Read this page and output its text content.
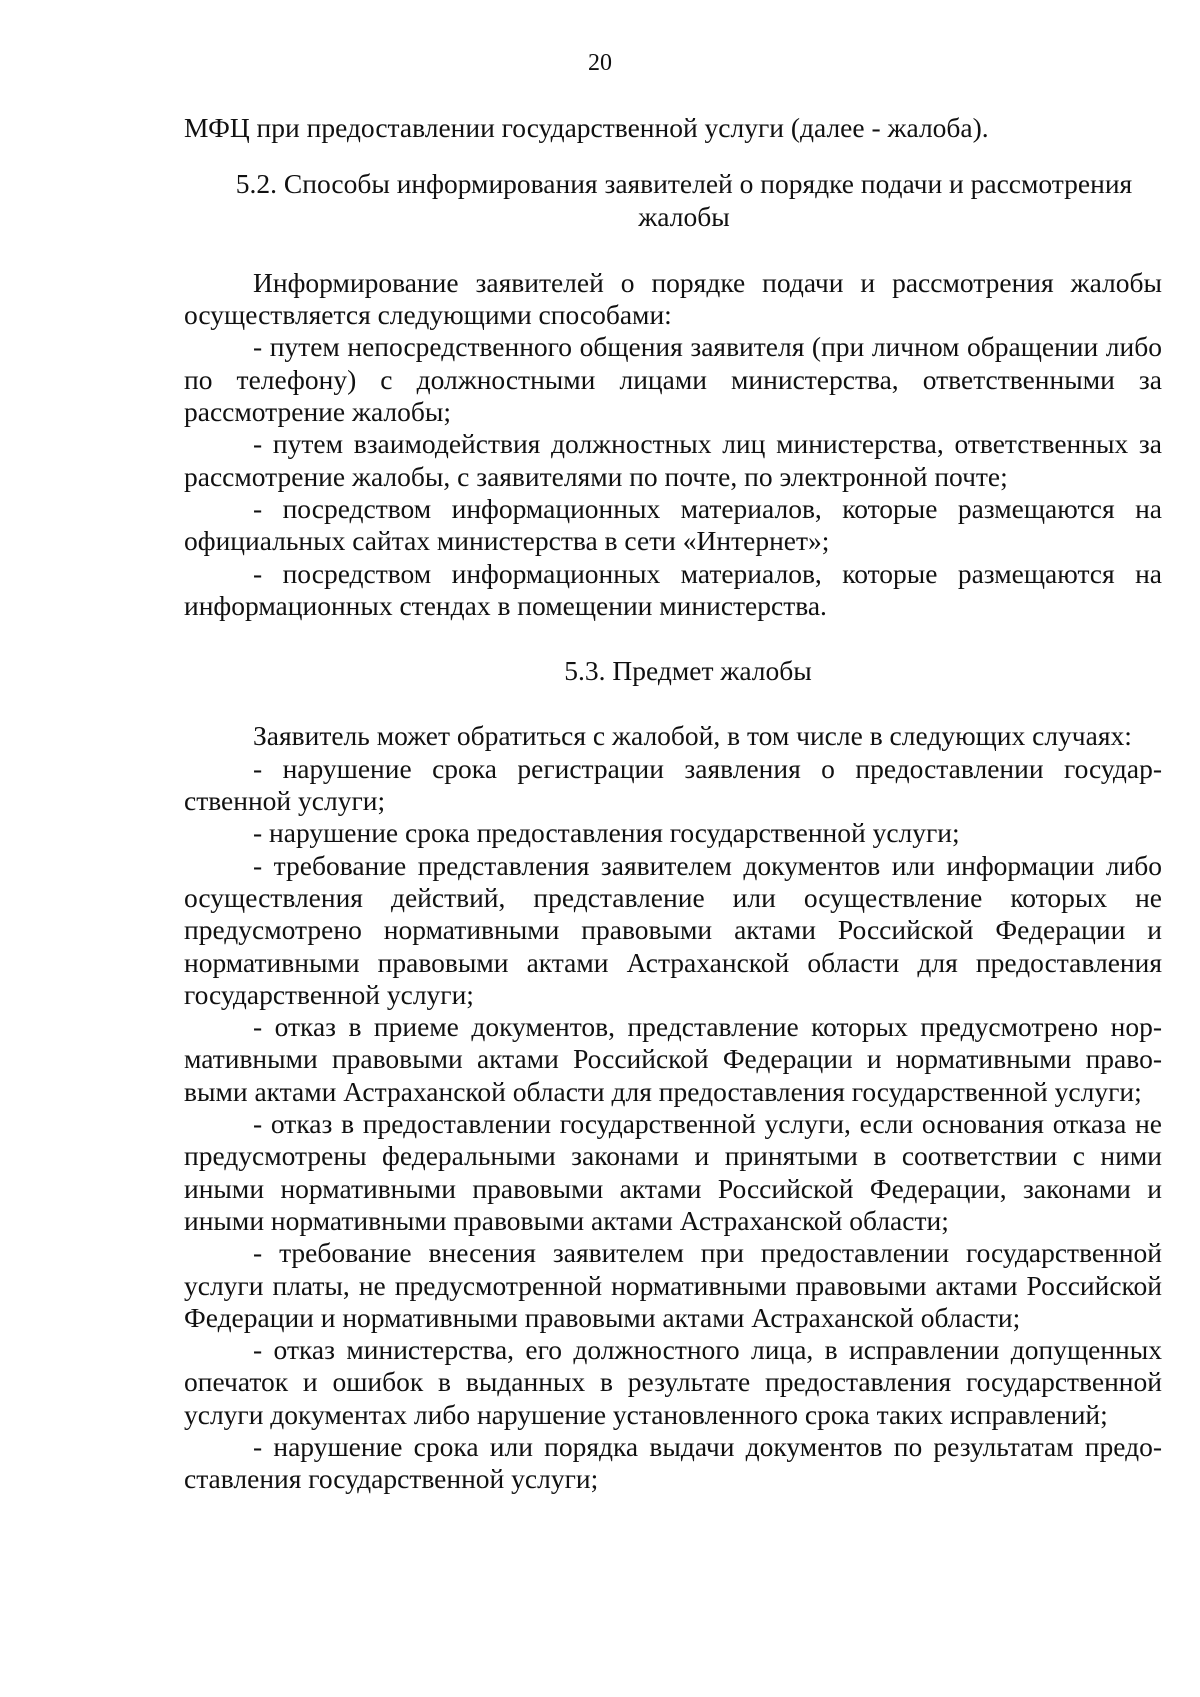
20

МФЦ при предоставлении государственной услуги (далее - жалоба).

5.2. Способы информирования заявителей о порядке подачи и рассмотрения жалобы

Информирование заявителей о порядке подачи и рассмотрения жалобы осуществляется следующими способами:

- путем непосредственного общения заявителя (при личном обращении либо по телефону) с должностными лицами министерства, ответственными за рассмотрение жалобы;

- путем взаимодействия должностных лиц министерства, ответственных за рассмотрение жалобы, с заявителями по почте, по электронной почте;

- посредством информационных материалов, которые размещаются на официальных сайтах министерства в сети «Интернет»;

- посредством информационных материалов, которые размещаются на информационных стендах в помещении министерства.

5.3. Предмет жалобы

Заявитель может обратиться с жалобой, в том числе в следующих случаях:

- нарушение срока регистрации заявления о предоставлении государственной услуги;

- нарушение срока предоставления государственной услуги;

- требование представления заявителем документов или информации либо осуществления действий, представление или осуществление которых не предусмотрено нормативными правовыми актами Российской Федерации и нормативными правовыми актами Астраханской области для предоставления государственной услуги;

- отказ в приеме документов, представление которых предусмотрено нормативными правовыми актами Российской Федерации и нормативными правовыми актами Астраханской области для предоставления государственной услуги;

- отказ в предоставлении государственной услуги, если основания отказа не предусмотрены федеральными законами и принятыми в соответствии с ними иными нормативными правовыми актами Российской Федерации, законами и иными нормативными правовыми актами Астраханской области;

- требование внесения заявителем при предоставлении государственной услуги платы, не предусмотренной нормативными правовыми актами Российской Федерации и нормативными правовыми актами Астраханской области;

- отказ министерства, его должностного лица, в исправлении допущенных опечаток и ошибок в выданных в результате предоставления государственной услуги документах либо нарушение установленного срока таких исправлений;

- нарушение срока или порядка выдачи документов по результатам предоставления государственной услуги;
